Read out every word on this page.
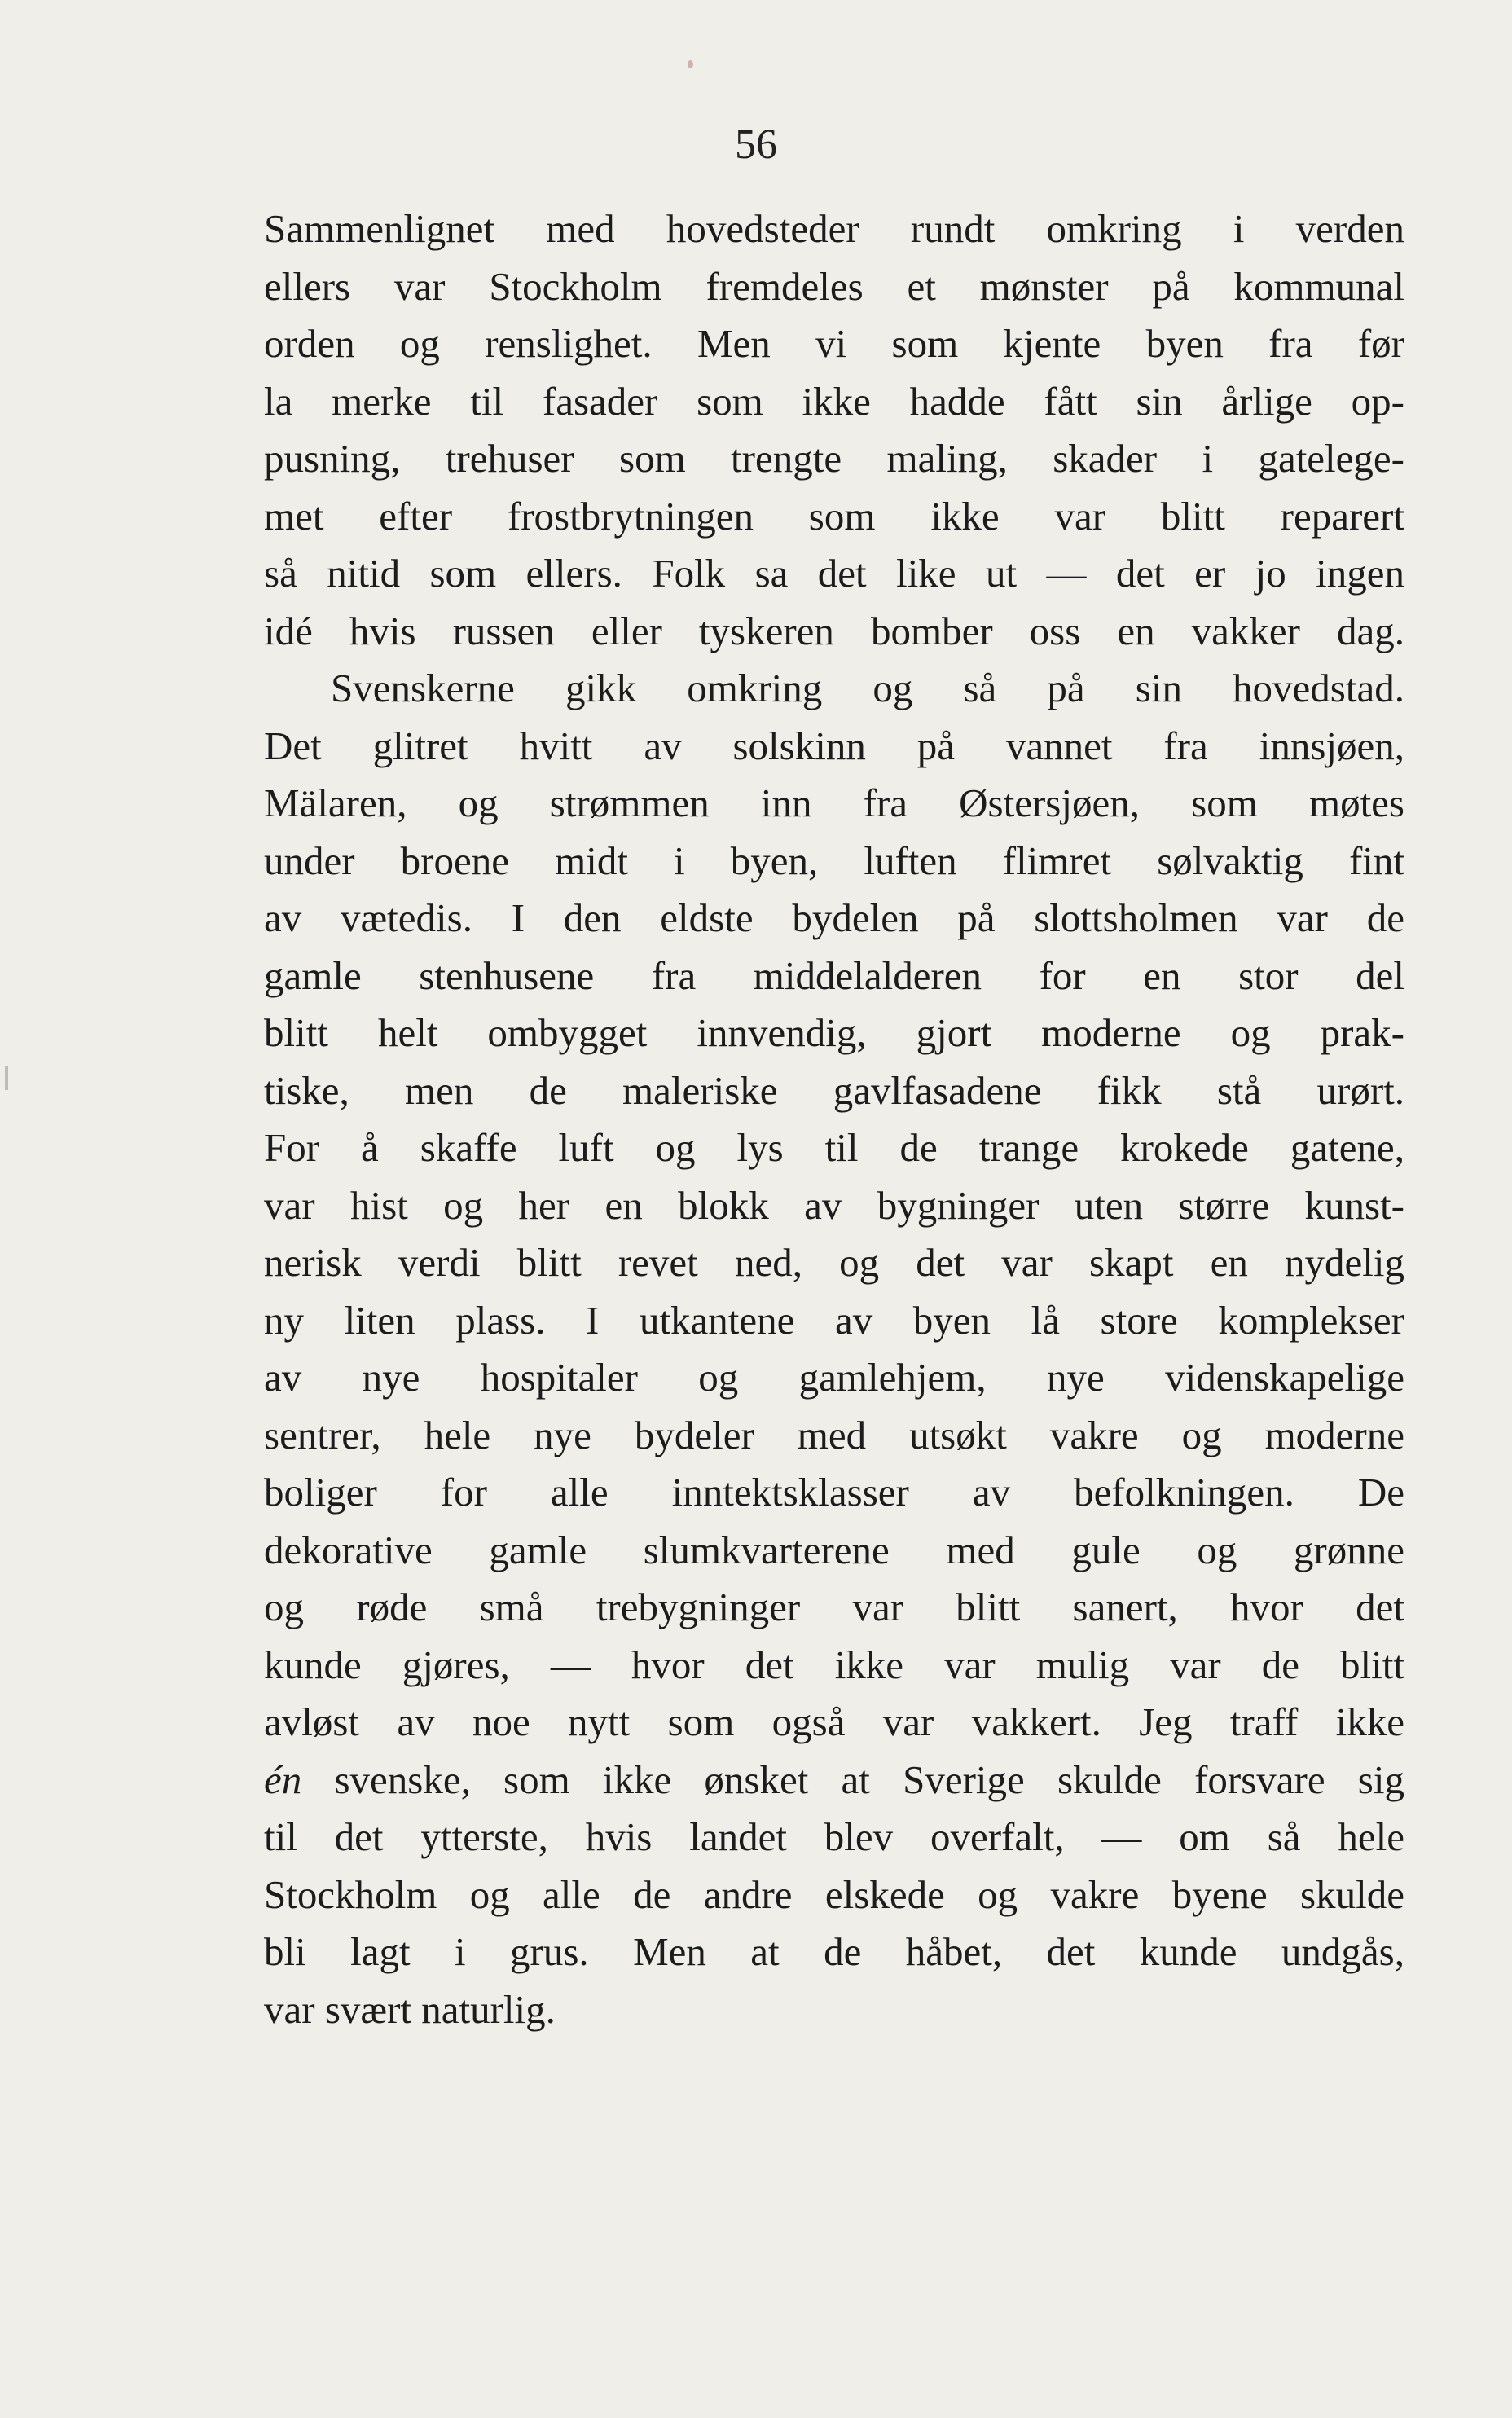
56
Sammenlignet med hovedsteder rundt omkring i verden
ellers var Stockholm fremdeles et mønster på kommunal
orden og renslighet. Men vi som kjente byen fra før
la merke til fasader som ikke hadde fått sin årlige op-
pusning, trehuser som trengte maling, skader i gatelege-
met efter frostbrytningen som ikke var blitt reparert
så nitid som ellers. Folk sa det like ut — det er jo ingen
idé hvis russen eller tyskeren bomber oss en vakker dag.
Svenskerne gikk omkring og så på sin hovedstad.
Det glitret hvitt av solskinn på vannet fra innsjøen,
Mälaren, og strømmen inn fra Østersjøen, som møtes
under broene midt i byen, luften flimret sølvaktig fint
av vætedis. I den eldste bydelen på slottsholmen var de
gamle stenhusene fra middelalderen for en stor del
blitt helt ombygget innvendig, gjort moderne og prak-
tiske, men de maleriske gavlfasadene fikk stå urørt.
For å skaffe luft og lys til de trange krokede gatene,
var hist og her en blokk av bygninger uten større kunst-
nerisk verdi blitt revet ned, og det var skapt en nydelig
ny liten plass. I utkantene av byen lå store komplekser
av nye hospitaler og gamlehjem, nye videnskapelige
sentrer, hele nye bydeler med utsøkt vakre og moderne
boliger for alle inntektsklasser av befolkningen. De
dekorative gamle slumkvarterene med gule og grønne
og røde små trebygninger var blitt sanert, hvor det
kunde gjøres, — hvor det ikke var mulig var de blitt
avløst av noe nytt som også var vakkert. Jeg traff ikke
én svenske, som ikke ønsket at Sverige skulde forsvare sig
til det ytterste, hvis landet blev overfalt, — om så hele
Stockholm og alle de andre elskede og vakre byene skulde
bli lagt i grus. Men at de håbet, det kunde undgås,
var svært naturlig.
